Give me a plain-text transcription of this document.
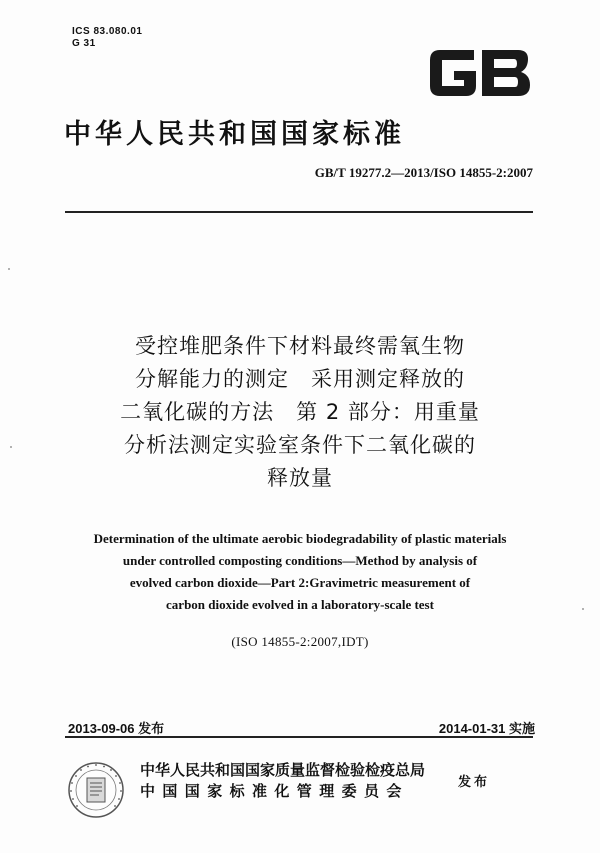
ICS 83.080.01
G 31
中华人民共和国国家标准
GB/T 19277.2—2013/ISO 14855-2:2007
受控堆肥条件下材料最终需氧生物
分解能力的测定　采用测定释放的
二氧化碳的方法　第 2 部分：用重量
分析法测定实验室条件下二氧化碳的
释放量
Determination of the ultimate aerobic biodegradability of plastic materials
under controlled composting conditions—Method by analysis of
evolved carbon dioxide—Part 2:Gravimetric measurement of
carbon dioxide evolved in a laboratory-scale test
(ISO 14855-2:2007,IDT)
2013-09-06 发布	2014-01-31 实施
中华人民共和国国家质量监督检验检疫总局
中国国家标准化管理委员会	发布
